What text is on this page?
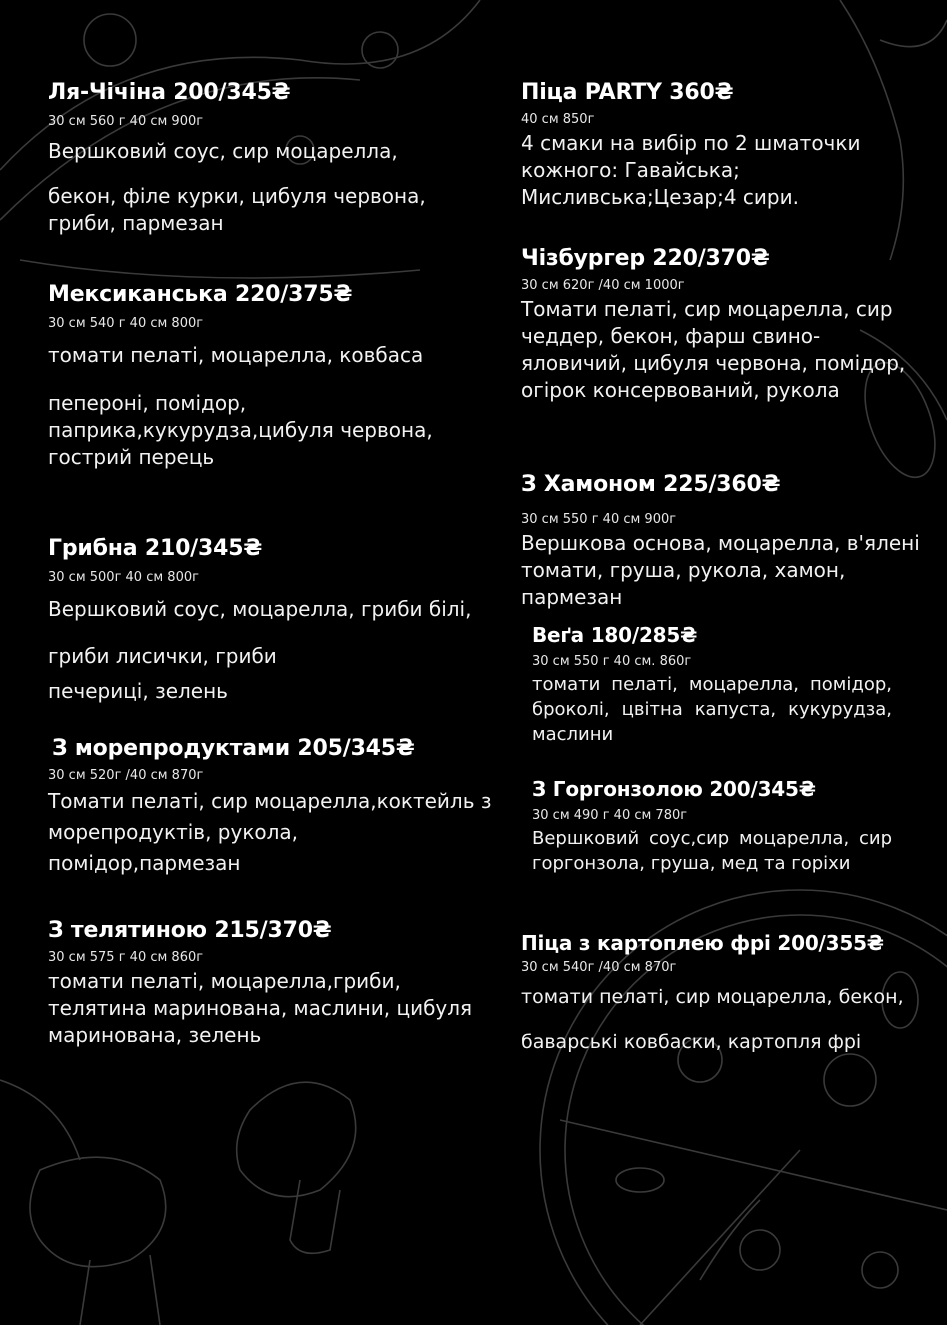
Ля-Чічіна 200/345₴
30 см 560 г 40 см 900г

Вершковий соус, сир моцарелла,

бекон, філе курки, цибуля червона,

гриби, пармезан

Мексиканська 220/375₴
30 см 540 г 40 см 800г

томати пелаті, моцарелла, ковбаса

пепероні, помідор,

паприка,кукурудза,цибуля червона,

гострий перець

Грибна 210/345₴
30 см 500г 40 см 800г

Вершковий соус, моцарелла, гриби білі,

гриби лисички, гриби

печериці, зелень

З морепродуктами 205/345₴
30 см 520г /40 см 870г

Томати пелаті, сир моцарелла,коктейль з

морепродуктів, рукола,

помідор,пармезан

З телятиною 215/370₴
30 см 575 г 40 см 860г

томати пелаті, моцарелла,гриби,

телятина маринована, маслини, цибуля

маринована, зелень

Піца PARTY 360₴
40 см 850г

4 смаки на вибір по 2 шматочки

кожного: Гавайська;

Мисливська;Цезар;4 сири.

Чізбургер 220/370₴
30 см 620г /40 см 1000г

Томати пелаті, сир моцарелла, сир

чеддер, бекон, фарш свино-

яловичий, цибуля червона, помідор,

огірок консервований, рукола

З Хамоном 225/360₴
30 см 550 г 40 см 900г

Вершкова основа, моцарелла, в'ялені

томати, груша, рукола, хамон,

пармезан

Веґа 180/285₴
30 см 550 г 40 см. 860г

томати пелаті, моцарелла, помідор,

броколі, цвітна капуста, кукурудза,

маслини

З Горгонзолою 200/345₴
30 см 490 г 40 см 780г

Вершковий соус,сир моцарелла, сир

горгонзола, груша, мед та горіхи

Піца з картоплею фрі 200/355₴
30 см 540г /40 см 870г

томати пелаті, сир моцарелла, бекон,

баварські ковбаски, картопля фрі
